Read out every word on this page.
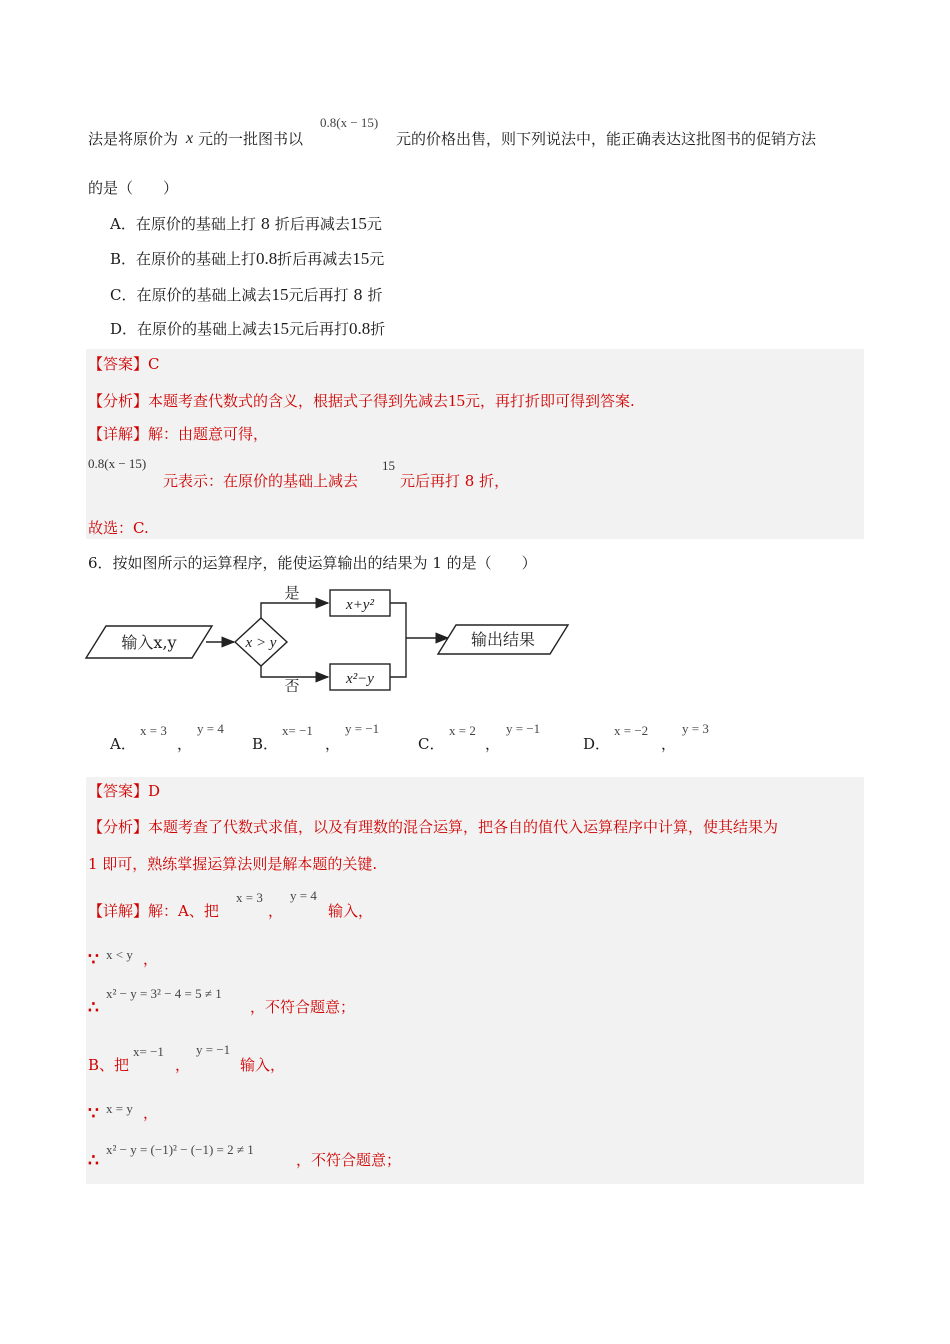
法是将原价为 x 元的一批图书以
0.8(x − 15)
元的价格出售，则下列说法中，能正确表达这批图书的促销方法
的是（　　）
A．在原价的基础上打 8 折后再减去15元
B．在原价的基础上打0.8折后再减去15元
C．在原价的基础上减去15元后再打 8 折
D．在原价的基础上减去15元后再打0.8折
【答案】C
【分析】本题考查代数式的含义，根据式子得到先减去15元，再打折即可得到答案.
【详解】解：由题意可得，
0.8(x − 15)
元表示：在原价的基础上减去
15
元后再打 8 折，
故选：C.
6．按如图所示的运算程序，能使运算输出的结果为 1 的是（　　）
输入x,y	x > y
是
否
x+y²
x²−y
输出结果
A．
x = 3
，
y = 4
B．
x= −1
，
y = −1
C．
x = 2
，
y = −1
D．
x = −2
，
y = 3
【答案】D
【分析】本题考查了代数式求值，以及有理数的混合运算，把各自的值代入运算程序中计算，使其结果为
1 即可，熟练掌握运算法则是解本题的关键.
【详解】解：A、把
x = 3
，
y = 4
输入，
∵ x < y ，
∴
x² − y = 3² − 4 = 5 ≠ 1
，不符合题意；
B、把
x= −1
，
y = −1
输入，
∵ x = y ，
∴
x² − y = (−1)² − (−1) = 2 ≠ 1
，不符合题意；
